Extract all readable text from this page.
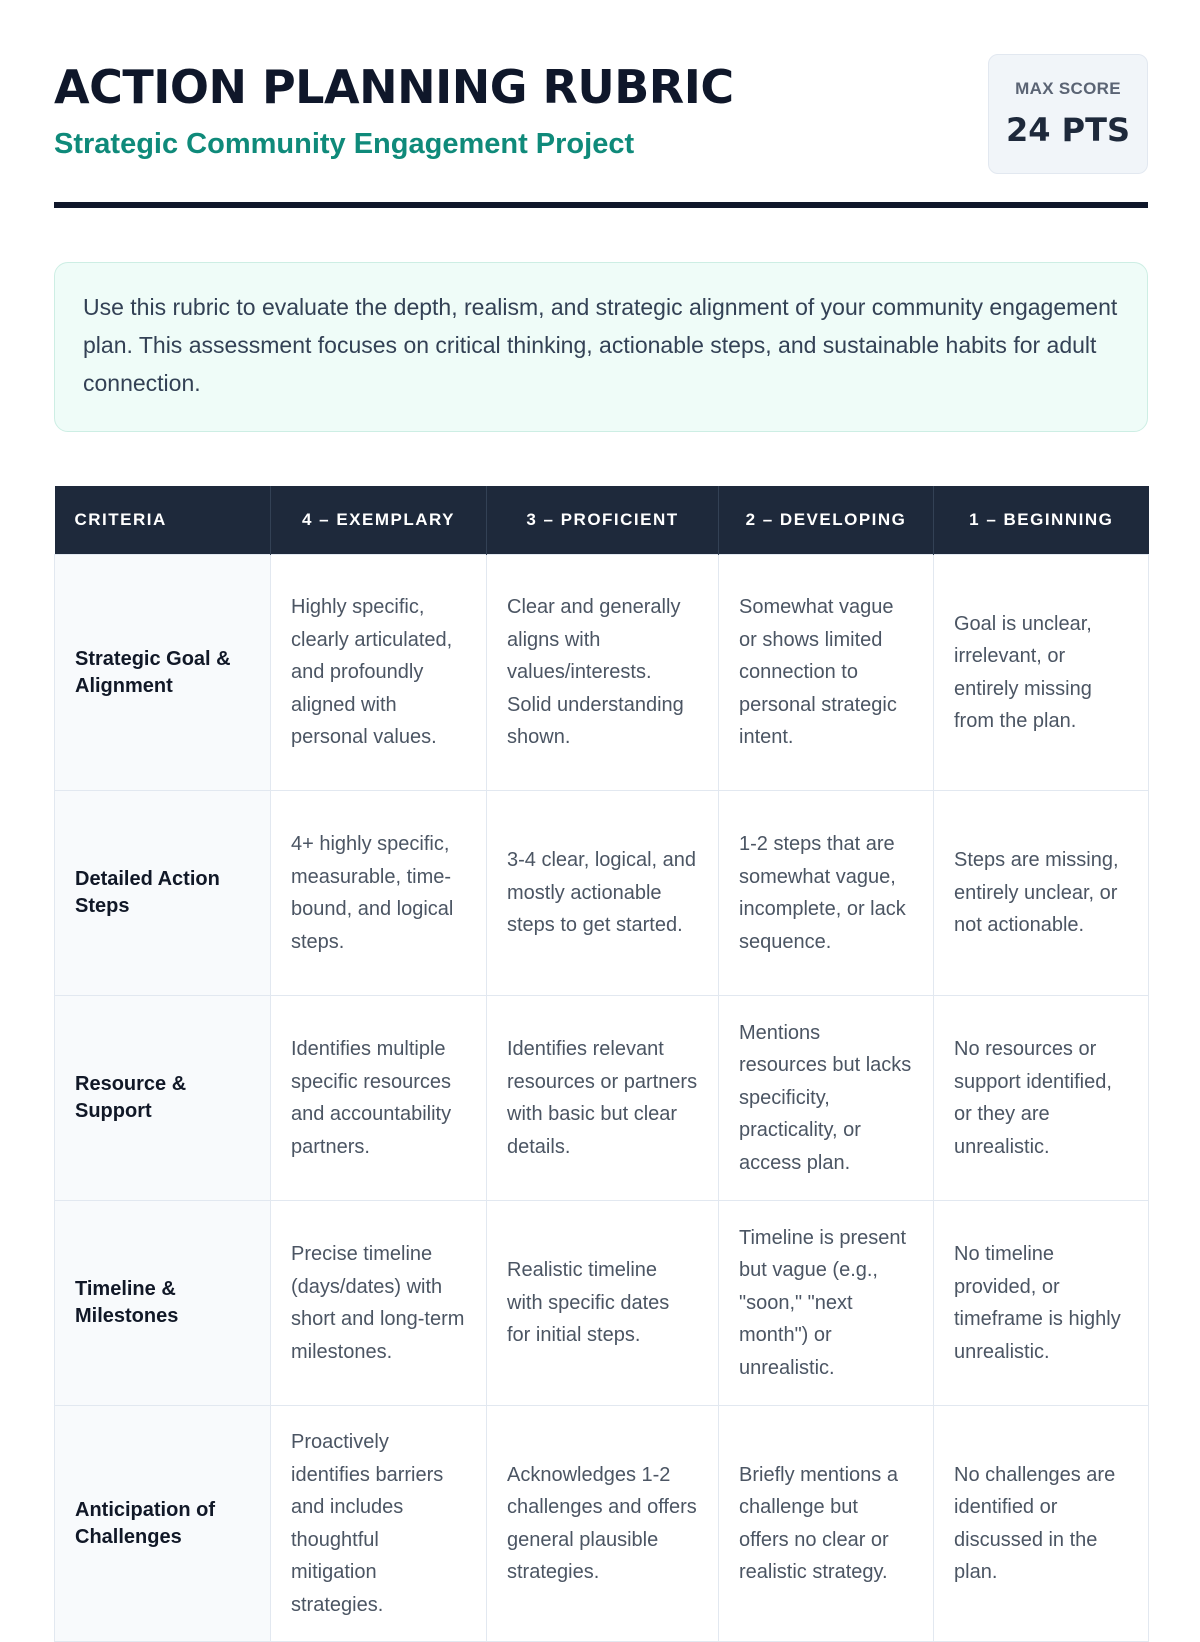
ACTION PLANNING RUBRIC
Strategic Community Engagement Project
MAX SCORE
24 PTS
Use this rubric to evaluate the depth, realism, and strategic alignment of your community engagement plan. This assessment focuses on critical thinking, actionable steps, and sustainable habits for adult connection.
CRITERIA	4 – EXEMPLARY	3 – PROFICIENT	2 – DEVELOPING	1 – BEGINNING
Strategic Goal & Alignment	Highly specific, clearly articulated, and profoundly aligned with personal values.	Clear and generally aligns with values/interests. Solid understanding shown.	Somewhat vague or shows limited connection to personal strategic intent.	Goal is unclear, irrelevant, or entirely missing from the plan.
Detailed Action Steps	4+ highly specific, measurable, time-bound, and logical steps.	3-4 clear, logical, and mostly actionable steps to get started.	1-2 steps that are somewhat vague, incomplete, or lack sequence.	Steps are missing, entirely unclear, or not actionable.
Resource & Support	Identifies multiple specific resources and accountability partners.	Identifies relevant resources or partners with basic but clear details.	Mentions resources but lacks specificity, practicality, or access plan.	No resources or support identified, or they are unrealistic.
Timeline & Milestones	Precise timeline (days/dates) with short and long-term milestones.	Realistic timeline with specific dates for initial steps.	Timeline is present but vague (e.g., "soon," "next month") or unrealistic.	No timeline provided, or timeframe is highly unrealistic.
Anticipation of Challenges	Proactively identifies barriers and includes thoughtful mitigation strategies.	Acknowledges 1-2 challenges and offers general plausible strategies.	Briefly mentions a challenge but offers no clear or realistic strategy.	No challenges are identified or discussed in the plan.
